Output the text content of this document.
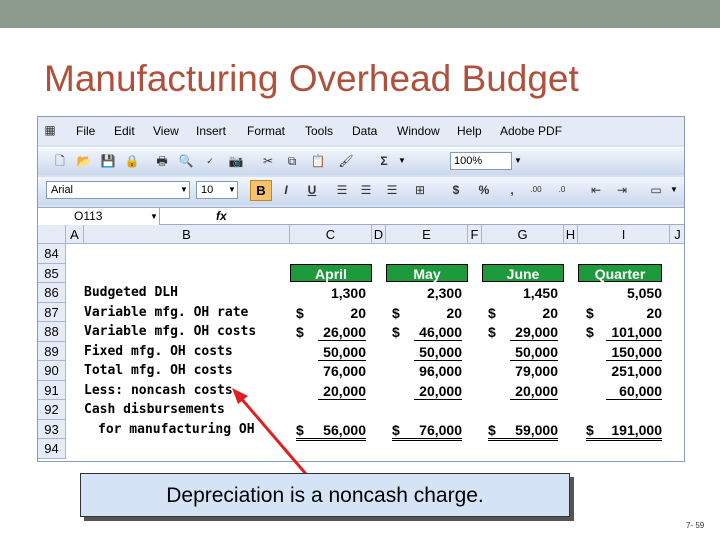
Manufacturing Overhead Budget
▦ File Edit View Insert Format Tools Data Window Help Adobe PDF
🗋 📂 💾 🔒 🖶 🔍	✓	📷 ✂	⧉	📋 🖌	Σ	▼	100%	▼
Arial	▼	10	▼	B	I	U	☰ ☰ ☰ ⊞	$	%	,	.00	.0	⇤ ⇥ ▭ ▼
O113	▼	fx
A	B	C	D	E	F	G	H	I	J
84
85
86
87
88
89
90
91
92
93
94
April	May	June	Quarter
Budgeted DLH
Variable mfg. OH rate
Variable mfg. OH costs
Fixed mfg. OH costs
Total mfg. OH costs
Less: noncash costs
Cash disbursements
for manufacturing OH
1,300
$	20
$	26,000
50,000
76,000
20,000
$	56,000
2,300
$	20
$	46,000
50,000
96,000
20,000
$	76,000
1,450
$	20
$	29,000
50,000
79,000
20,000
$	59,000
5,050
$	20
$	101,000
150,000
251,000
60,000
$	191,000
Depreciation is a noncash charge.
7- 59
